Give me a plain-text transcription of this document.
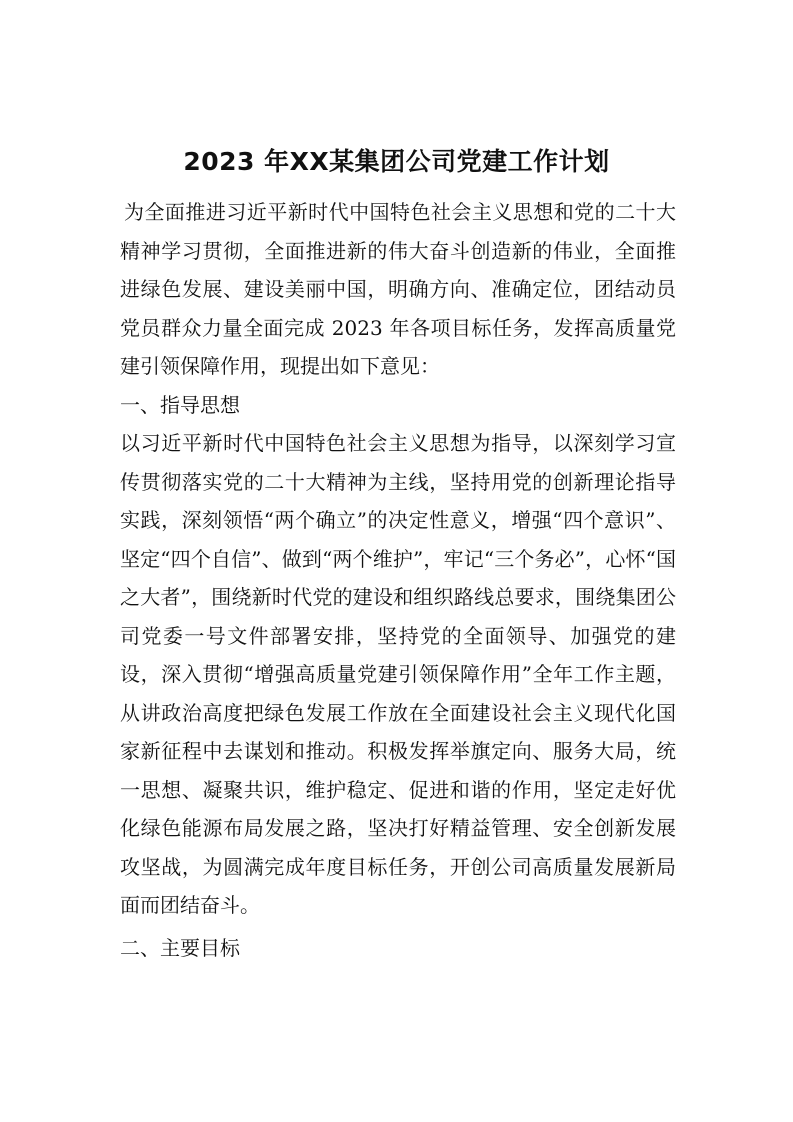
2023 年XX某集团公司党建工作计划

为全面推进习近平新时代中国特色社会主义思想和党的二十大精神学习贯彻，全面推进新的伟大奋斗创造新的伟业，全面推进绿色发展、建设美丽中国，明确方向、准确定位，团结动员党员群众力量全面完成 2023 年各项目标任务，发挥高质量党建引领保障作用，现提出如下意见：

一、指导思想

以习近平新时代中国特色社会主义思想为指导，以深刻学习宣传贯彻落实党的二十大精神为主线，坚持用党的创新理论指导实践，深刻领悟“两个确立”的决定性意义，增强“四个意识”、坚定“四个自信”、做到“两个维护”，牢记“三个务必”，心怀“国之大者”，围绕新时代党的建设和组织路线总要求，围绕集团公司党委一号文件部署安排，坚持党的全面领导、加强党的建设，深入贯彻“增强高质量党建引领保障作用”全年工作主题，从讲政治高度把绿色发展工作放在全面建设社会主义现代化国家新征程中去谋划和推动。积极发挥举旗定向、服务大局，统一思想、凝聚共识，维护稳定、促进和谐的作用，坚定走好优化绿色能源布局发展之路，坚决打好精益管理、安全创新发展攻坚战，为圆满完成年度目标任务，开创公司高质量发展新局面而团结奋斗。

二、主要目标
